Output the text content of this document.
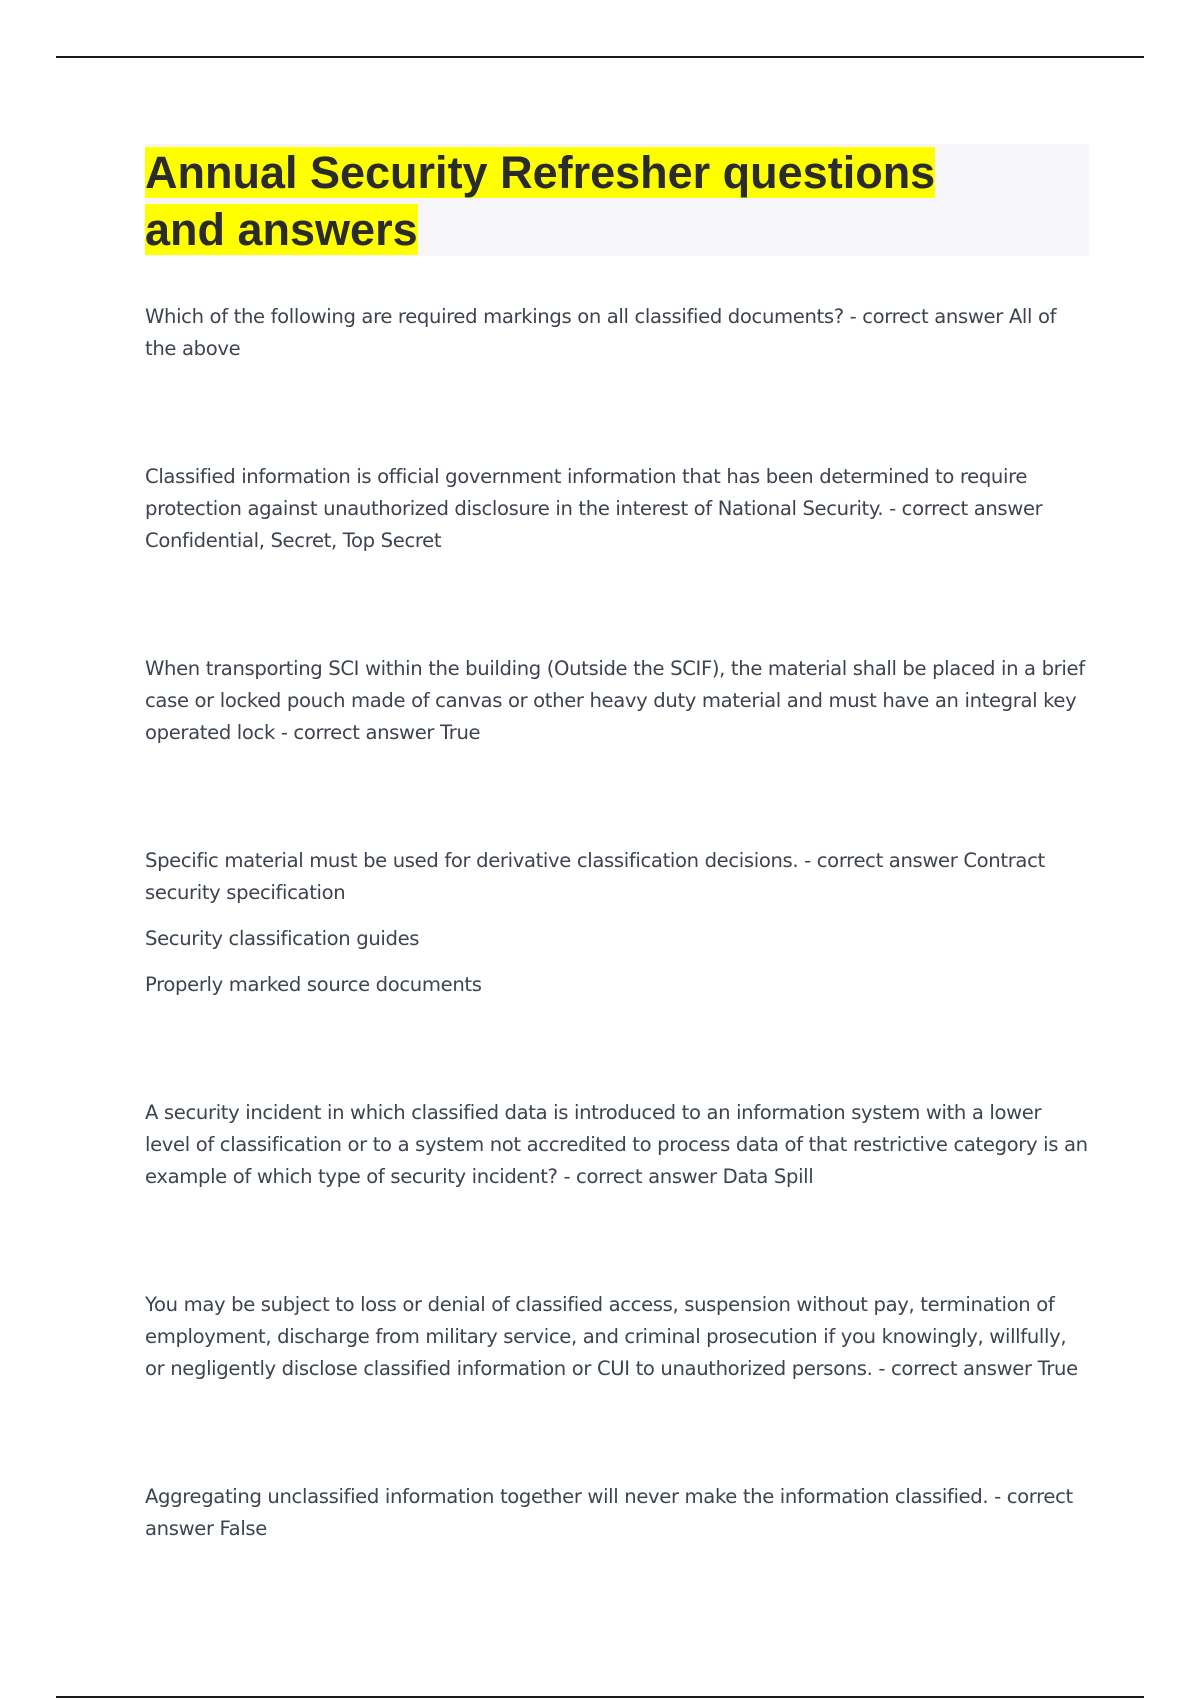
Annual Security Refresher questions and answers

Which of the following are required markings on all classified documents? - correct answer All of the above

Classified information is official government information that has been determined to require protection against unauthorized disclosure in the interest of National Security. - correct answer Confidential, Secret, Top Secret

When transporting SCI within the building (Outside the SCIF), the material shall be placed in a brief case or locked pouch made of canvas or other heavy duty material and must have an integral key operated lock - correct answer True

Specific material must be used for derivative classification decisions. - correct answer Contract security specification

Security classification guides

Properly marked source documents

A security incident in which classified data is introduced to an information system with a lower level of classification or to a system not accredited to process data of that restrictive category is an example of which type of security incident? - correct answer Data Spill

You may be subject to loss or denial of classified access, suspension without pay, termination of employment, discharge from military service, and criminal prosecution if you knowingly, willfully, or negligently disclose classified information or CUI to unauthorized persons. - correct answer True

Aggregating unclassified information together will never make the information classified. - correct answer False
